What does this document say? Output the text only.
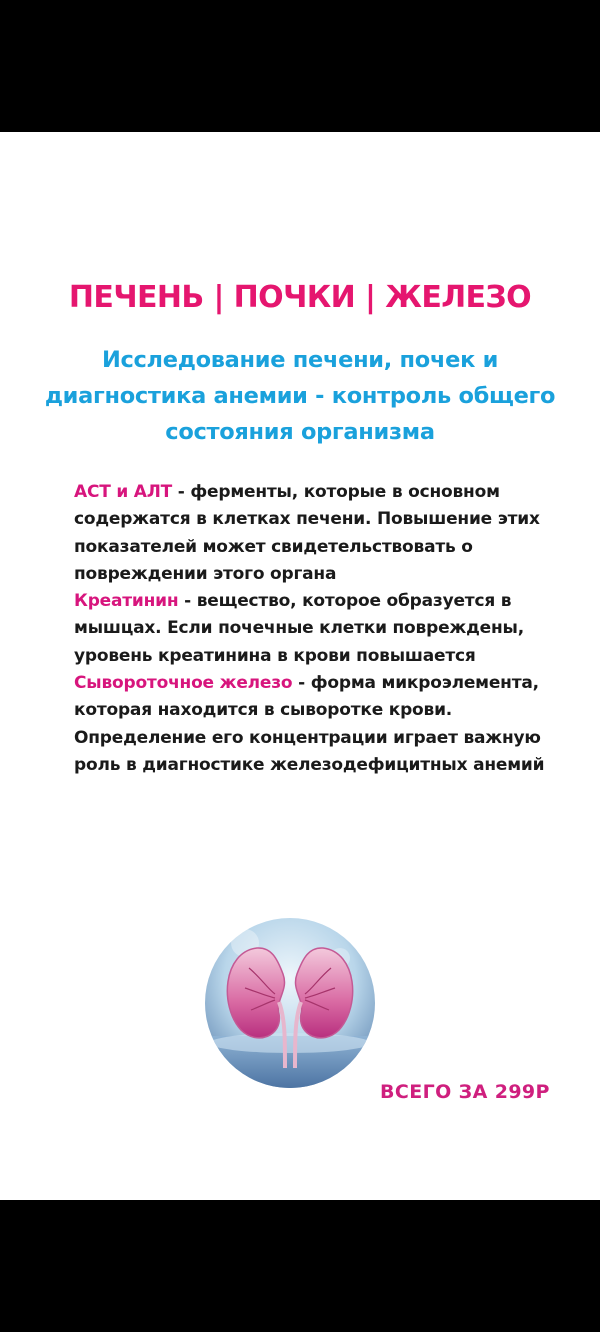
ПЕЧЕНЬ | ПОЧКИ | ЖЕЛЕЗО
Исследование печени, почек и диагностика анемии - контроль общего состояния организма

АСТ и АЛТ - ферменты, которые в основном содержатся в клетках печени. Повышение этих показателей может свидетельствовать о повреждении этого органа

Креатинин - вещество, которое образуется в мышцах. Если почечные клетки повреждены, уровень креатинина в крови повышается

Сывороточное железо - форма микроэлемента, которая находится в сыворотке крови.

Определение его концентрации играет важную роль в диагностике железодефицитных анемий

ВСЕГО ЗА 299Р
